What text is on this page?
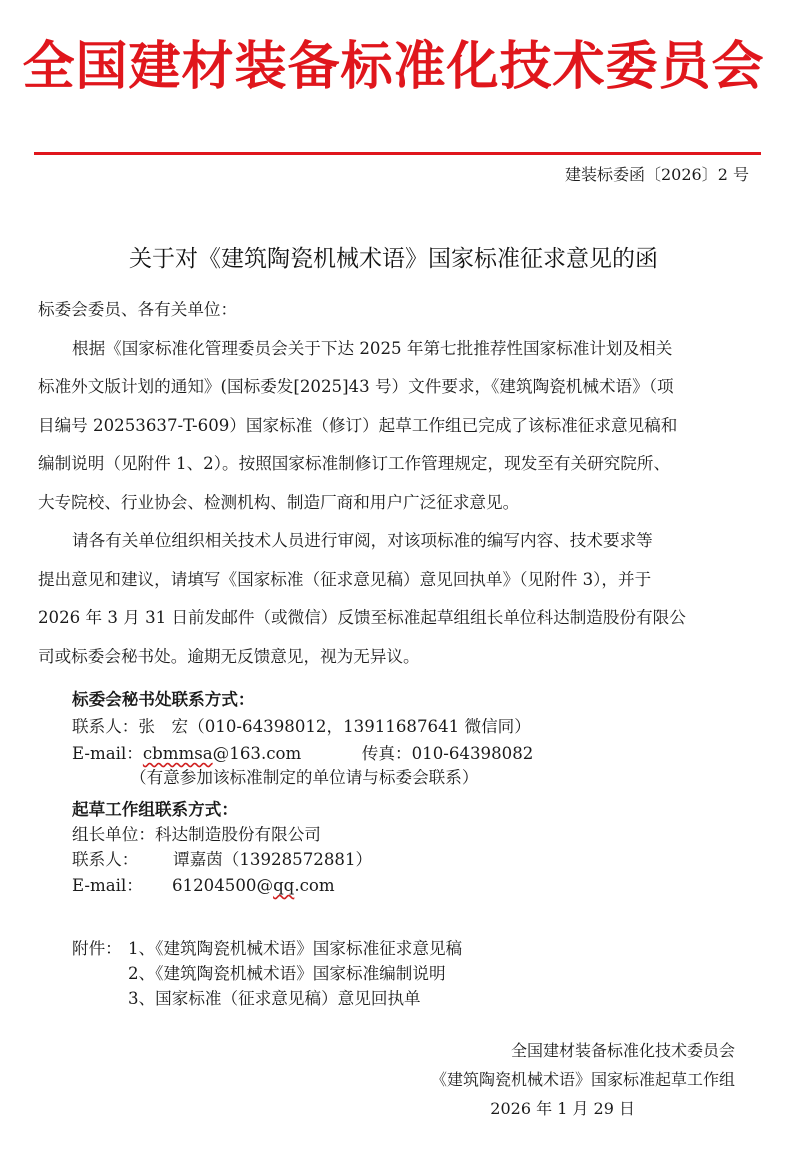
全国建材装备标准化技术委员会
建装标委函〔2026〕2 号
关于对《建筑陶瓷机械术语》国家标准征求意见的函
标委会委员、各有关单位：
根据《国家标准化管理委员会关于下达 2025 年第七批推荐性国家标准计划及相关
标准外文版计划的通知》(国标委发[2025]43 号）文件要求，《建筑陶瓷机械术语》（项
目编号 20253637-T-609）国家标准（修订）起草工作组已完成了该标准征求意见稿和
编制说明（见附件 1、2）。按照国家标准制修订工作管理规定，现发至有关研究院所、
大专院校、行业协会、检测机构、制造厂商和用户广泛征求意见。
请各有关单位组织相关技术人员进行审阅，对该项标准的编写内容、技术要求等
提出意见和建议，请填写《国家标准（征求意见稿）意见回执单》（见附件 3），并于
2026 年 3 月 31 日前发邮件（或微信）反馈至标准起草组组长单位科达制造股份有限公
司或标委会秘书处。逾期无反馈意见，视为无异议。
标委会秘书处联系方式：
联系人：张　宏（010-64398012，13911687641 微信同）
E-mail：cbmmsa@163.com	传真：010-64398082
（有意参加该标准制定的单位请与标委会联系）
起草工作组联系方式：
组长单位：科达制造股份有限公司
联系人： 谭嘉茵（13928572881）
E-mail： 61204500@qq.com
附件： 1、《建筑陶瓷机械术语》国家标准征求意见稿
2、《建筑陶瓷机械术语》国家标准编制说明
3、国家标准（征求意见稿）意见回执单
全国建材装备标准化技术委员会
《建筑陶瓷机械术语》国家标准起草工作组
2026 年 1 月 29 日
